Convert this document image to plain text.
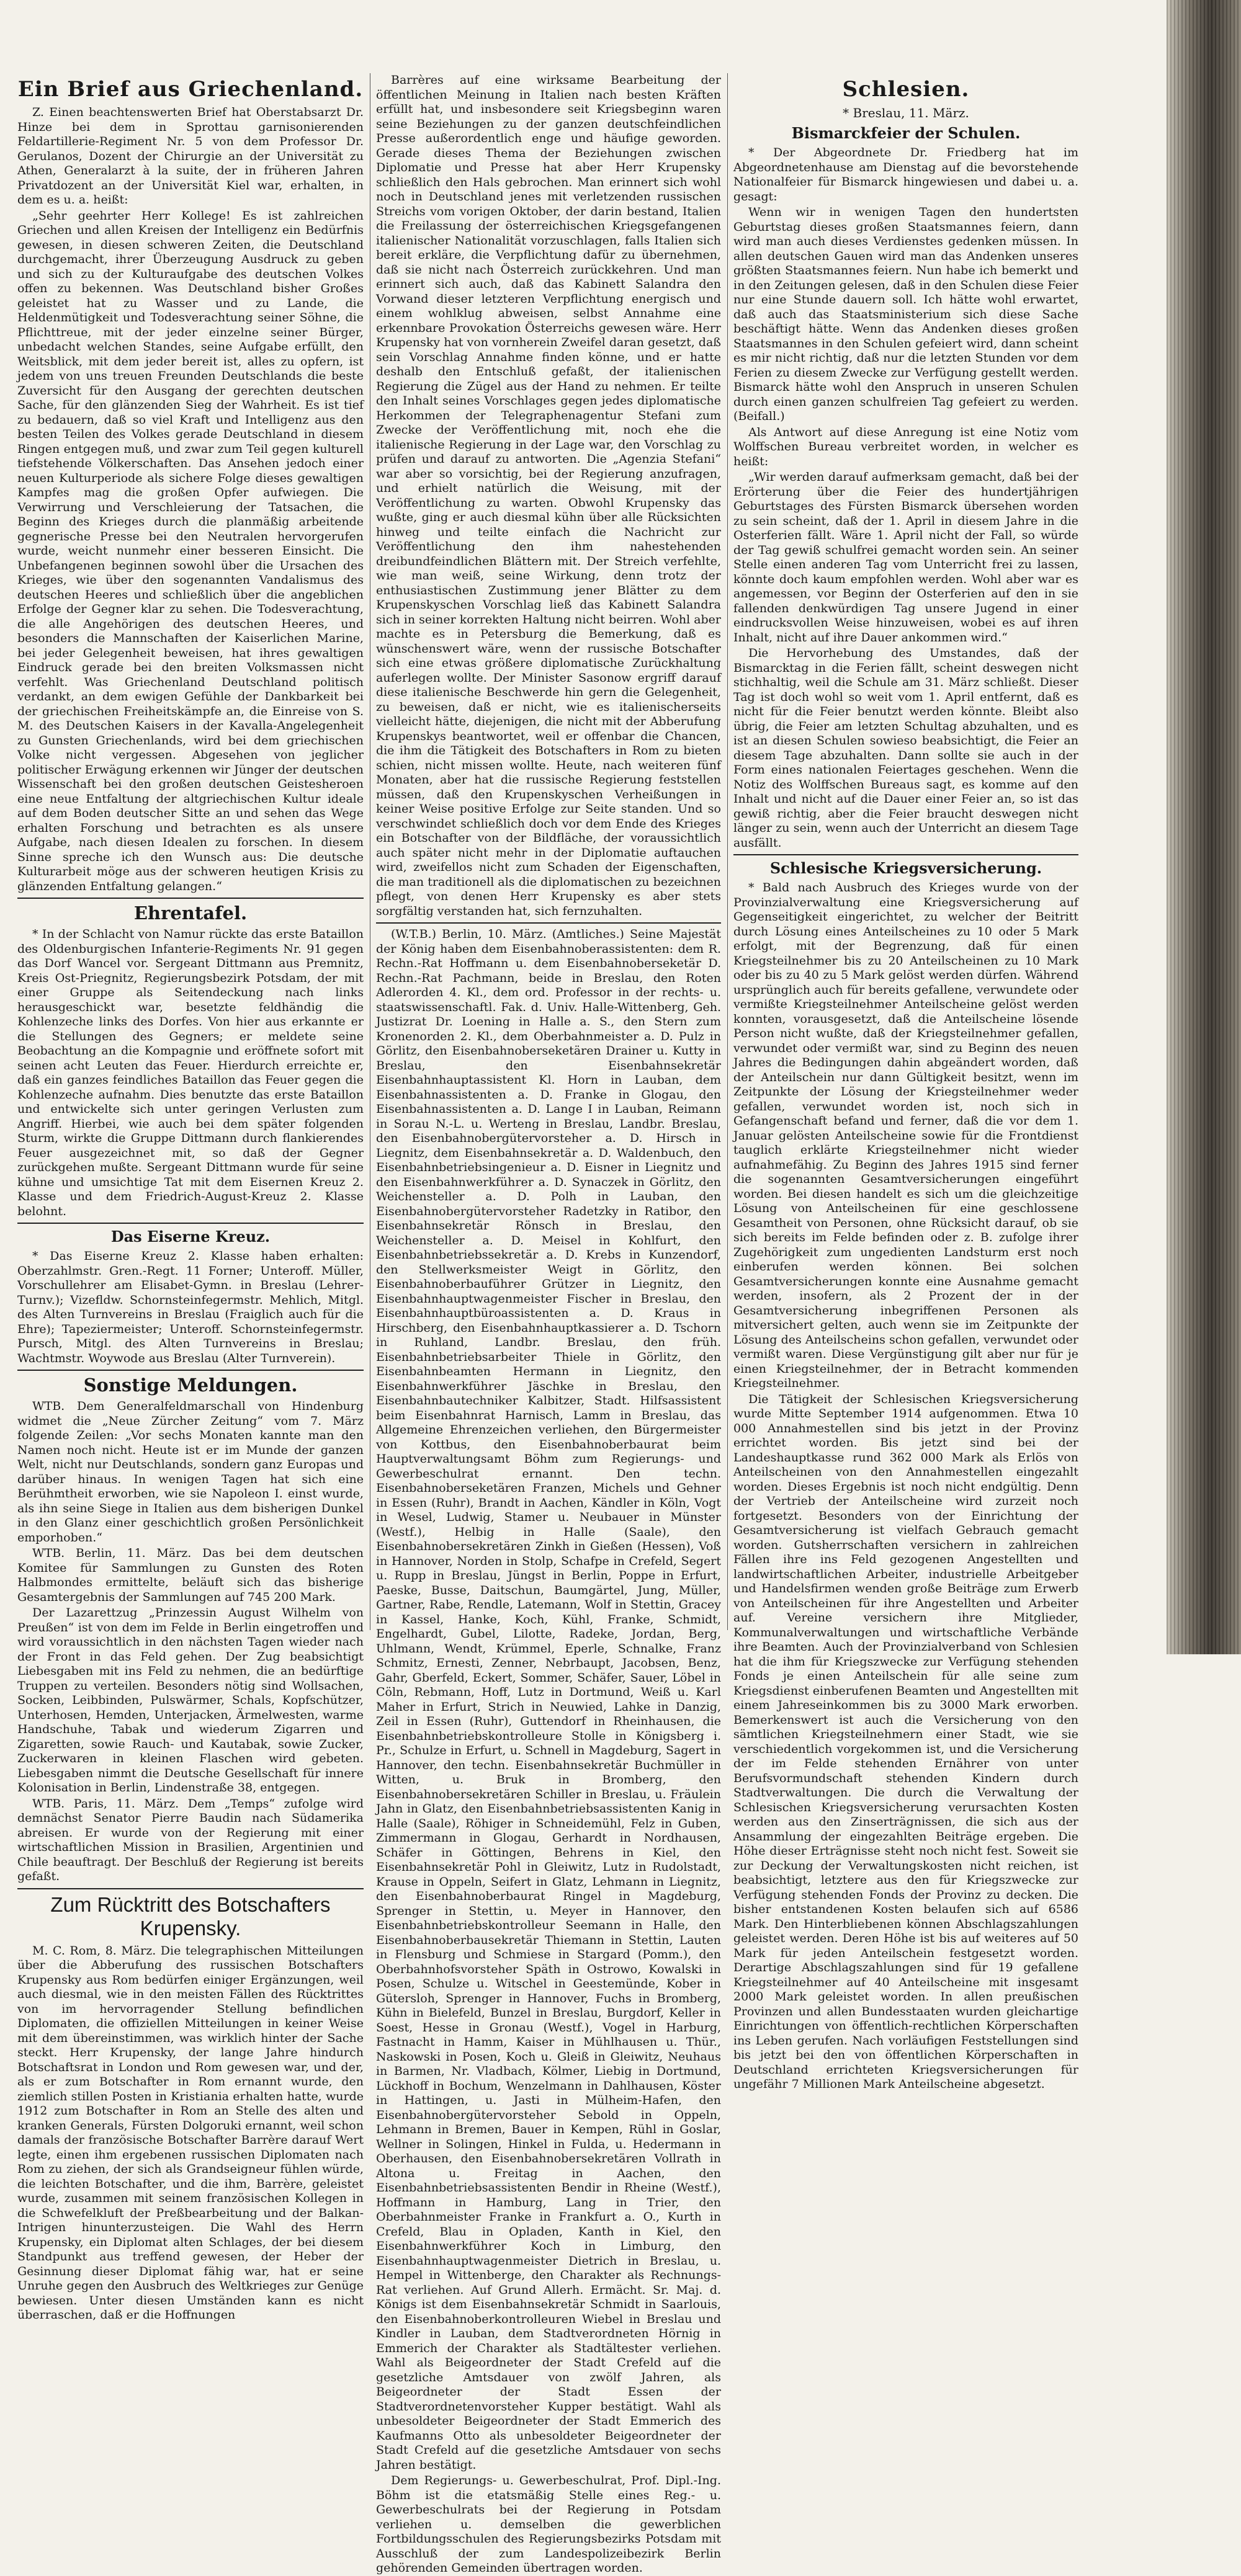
Ein Brief aus Griechenland.

Z. Einen beachtenswerten Brief hat Oberstabsarzt Dr. Hinze bei dem in Sprottau garnisonierenden Feldartillerie-Regiment Nr. 5 von dem Professor Dr. Gerulanos, Dozent der Chirurgie an der Universität zu Athen, Generalarzt à la suite, der in früheren Jahren Privatdozent an der Universität Kiel war, erhalten, in dem es u. a. heißt:

„Sehr geehrter Herr Kollege! Es ist zahlreichen Griechen und allen Kreisen der Intelligenz ein Bedürfnis gewesen, in diesen schweren Zeiten, die Deutschland durchgemacht, ihrer Überzeugung Ausdruck zu geben und sich zu der Kulturaufgabe des deutschen Volkes offen zu bekennen. Was Deutschland bisher Großes geleistet hat zu Wasser und zu Lande, die Heldenmütigkeit und Todesverachtung seiner Söhne, die Pflichttreue, mit der jeder einzelne seiner Bürger, unbedacht welchen Standes, seine Aufgabe erfüllt, den Weitsblick, mit dem jeder bereit ist, alles zu opfern, ist jedem von uns treuen Freunden Deutschlands die beste Zuversicht für den Ausgang der gerechten deutschen Sache, für den glänzenden Sieg der Wahrheit. Es ist tief zu bedauern, daß so viel Kraft und Intelligenz aus den besten Teilen des Volkes gerade Deutschland in diesem Ringen entgegen muß, und zwar zum Teil gegen kulturell tiefstehende Völkerschaften. Das Ansehen jedoch einer neuen Kulturperiode als sichere Folge dieses gewaltigen Kampfes mag die großen Opfer aufwiegen. Die Verwirrung und Verschleierung der Tatsachen, die Beginn des Krieges durch die planmäßig arbeitende gegnerische Presse bei den Neutralen hervorgerufen wurde, weicht nunmehr einer besseren Einsicht. Die Unbefangenen beginnen sowohl über die Ursachen des Krieges, wie über den sogenannten Vandalismus des deutschen Heeres und schließlich über die angeblichen Erfolge der Gegner klar zu sehen. Die Todesverachtung, die alle Angehörigen des deutschen Heeres, und besonders die Mannschaften der Kaiserlichen Marine, bei jeder Gelegenheit beweisen, hat ihres gewaltigen Eindruck gerade bei den breiten Volksmassen nicht verfehlt. Was Griechenland Deutschland politisch verdankt, an dem ewigen Gefühle der Dankbarkeit bei der griechischen Freiheitskämpfe an, die Einreise von S. M. des Deutschen Kaisers in der Kavalla-Angelegenheit zu Gunsten Griechenlands, wird bei dem griechischen Volke nicht vergessen. Abgesehen von jeglicher politischer Erwägung erkennen wir Jünger der deutschen Wissenschaft bei den großen deutschen Geistesheroen eine neue Entfaltung der altgriechischen Kultur ideale auf dem Boden deutscher Sitte an und sehen das Wege erhalten Forschung und betrachten es als unsere Aufgabe, nach diesen Idealen zu forschen. In diesem Sinne spreche ich den Wunsch aus: Die deutsche Kulturarbeit möge aus der schweren heutigen Krisis zu glänzenden Entfaltung gelangen.“

Ehrentafel.

* In der Schlacht von Namur rückte das erste Bataillon des Oldenburgischen Infanterie-Regiments Nr. 91 gegen das Dorf Wancel vor. Sergeant Dittmann aus Premnitz, Kreis Ost-Priegnitz, Regierungsbezirk Potsdam, der mit einer Gruppe als Seitendeckung nach links herausgeschickt war, besetzte feldhändig die Kohlenzeche links des Dorfes. Von hier aus erkannte er die Stellungen des Gegners; er meldete seine Beobachtung an die Kompagnie und eröffnete sofort mit seinen acht Leuten das Feuer. Hierdurch erreichte er, daß ein ganzes feindliches Bataillon das Feuer gegen die Kohlenzeche aufnahm. Dies benutzte das erste Bataillon und entwickelte sich unter geringen Verlusten zum Angriff. Hierbei, wie auch bei dem später folgenden Sturm, wirkte die Gruppe Dittmann durch flankierendes Feuer ausgezeichnet mit, so daß der Gegner zurückgehen mußte. Sergeant Dittmann wurde für seine kühne und umsichtige Tat mit dem Eisernen Kreuz 2. Klasse und dem Friedrich-August-Kreuz 2. Klasse belohnt.

Das Eiserne Kreuz.

* Das Eiserne Kreuz 2. Klasse haben erhalten: Oberzahlmstr. Gren.-Regt. 11 Forner; Unteroff. Müller, Vorschullehrer am Elisabet-Gymn. in Breslau (Lehrer-Turnv.); Vizefldw. Schornsteinfegermstr. Mehlich, Mitgl. des Alten Turnvereins in Breslau (Fraiglich auch für die Ehre); Tapeziermeister; Unteroff. Schornsteinfegermstr. Pursch, Mitgl. des Alten Turnvereins in Breslau; Wachtmstr. Woywode aus Breslau (Alter Turnverein).

Sonstige Meldungen.

WTB. Dem Generalfeldmarschall von Hindenburg widmet die „Neue Zürcher Zeitung“ vom 7. März folgende Zeilen: „Vor sechs Monaten kannte man den Namen noch nicht. Heute ist er im Munde der ganzen Welt, nicht nur Deutschlands, sondern ganz Europas und darüber hinaus. In wenigen Tagen hat sich eine Berühmtheit erworben, wie sie Napoleon I. einst wurde, als ihn seine Siege in Italien aus dem bisherigen Dunkel in den Glanz einer geschichtlich großen Persönlichkeit emporhoben.“

WTB. Berlin, 11. März. Das bei dem deutschen Komitee für Sammlungen zu Gunsten des Roten Halbmondes ermittelte, beläuft sich das bisherige Gesamtergebnis der Sammlungen auf 745 200 Mark.

Der Lazarettzug „Prinzessin August Wilhelm von Preußen“ ist von dem im Felde in Berlin eingetroffen und wird voraussichtlich in den nächsten Tagen wieder nach der Front in das Feld gehen. Der Zug beabsichtigt Liebesgaben mit ins Feld zu nehmen, die an bedürftige Truppen zu verteilen. Besonders nötig sind Wollsachen, Socken, Leibbinden, Pulswärmer, Schals, Kopfschützer, Unterhosen, Hemden, Unterjacken, Ärmelwesten, warme Handschuhe, Tabak und wiederum Zigarren und Zigaretten, sowie Rauch- und Kautabak, sowie Zucker, Zuckerwaren in kleinen Flaschen wird gebeten. Liebesgaben nimmt die Deutsche Gesellschaft für innere Kolonisation in Berlin, Lindenstraße 38, entgegen.

WTB. Paris, 11. März. Dem „Temps“ zufolge wird demnächst Senator Pierre Baudin nach Südamerika abreisen. Er wurde von der Regierung mit einer wirtschaftlichen Mission in Brasilien, Argentinien und Chile beauftragt. Der Beschluß der Regierung ist bereits gefaßt.

Zum Rücktritt des Botschafters Krupensky.

M. C. Rom, 8. März. Die telegraphischen Mitteilungen über die Abberufung des russischen Botschafters Krupensky aus Rom bedürfen einiger Ergänzungen, weil auch diesmal, wie in den meisten Fällen des Rücktrittes von im hervorragender Stellung befindlichen Diplomaten, die offiziellen Mitteilungen in keiner Weise mit dem übereinstimmen, was wirklich hinter der Sache steckt. Herr Krupensky, der lange Jahre hindurch Botschaftsrat in London und Rom gewesen war, und der, als er zum Botschafter in Rom ernannt wurde, den ziemlich stillen Posten in Kristiania erhalten hatte, wurde 1912 zum Botschafter in Rom an Stelle des alten und kranken Generals, Fürsten Dolgoruki ernannt, weil schon damals der französische Botschafter Barrère darauf Wert legte, einen ihm ergebenen russischen Diplomaten nach Rom zu ziehen, der sich als Grandseigneur fühlen würde, die leichten Botschafter, und die ihm, Barrère, geleistet wurde, zusammen mit seinem französischen Kollegen in die Schwefelkluft der Preßbearbeitung und der Balkan-Intrigen hinunterzusteigen. Die Wahl des Herrn Krupensky, ein Diplomat alten Schlages, der bei diesem Standpunkt aus treffend gewesen, der Heber der Gesinnung dieser Diplomat fähig war, hat er seine Unruhe gegen den Ausbruch des Weltkrieges zur Genüge bewiesen. Unter diesen Umständen kann es nicht überraschen, daß er die Hoffnungen

Barrères auf eine wirksame Bearbeitung der öffentlichen Meinung in Italien nach besten Kräften erfüllt hat, und insbesondere seit Kriegsbeginn waren seine Beziehungen zu der ganzen deutschfeindlichen Presse außerordentlich enge und häufige geworden. Gerade dieses Thema der Beziehungen zwischen Diplomatie und Presse hat aber Herr Krupensky schließlich den Hals gebrochen. Man erinnert sich wohl noch in Deutschland jenes mit verletzenden russischen Streichs vom vorigen Oktober, der darin bestand, Italien die Freilassung der österreichischen Kriegsgefangenen italienischer Nationalität vorzuschlagen, falls Italien sich bereit erkläre, die Verpflichtung dafür zu übernehmen, daß sie nicht nach Österreich zurückkehren. Und man erinnert sich auch, daß das Kabinett Salandra den Vorwand dieser letzteren Verpflichtung energisch und einem wohlklug abweisen, selbst Annahme eine erkennbare Provokation Österreichs gewesen wäre. Herr Krupensky hat von vornherein Zweifel daran gesetzt, daß sein Vorschlag Annahme finden könne, und er hatte deshalb den Entschluß gefaßt, der italienischen Regierung die Zügel aus der Hand zu nehmen. Er teilte den Inhalt seines Vorschlages gegen jedes diplomatische Herkommen der Telegraphenagentur Stefani zum Zwecke der Veröffentlichung mit, noch ehe die italienische Regierung in der Lage war, den Vorschlag zu prüfen und darauf zu antworten. Die „Agenzia Stefani“ war aber so vorsichtig, bei der Regierung anzufragen, und erhielt natürlich die Weisung, mit der Veröffentlichung zu warten. Obwohl Krupensky das wußte, ging er auch diesmal kühn über alle Rücksichten hinweg und teilte einfach die Nachricht zur Veröffentlichung den ihm nahestehenden dreibundfeindlichen Blättern mit. Der Streich verfehlte, wie man weiß, seine Wirkung, denn trotz der enthusiastischen Zustimmung jener Blätter zu dem Krupenskyschen Vorschlag ließ das Kabinett Salandra sich in seiner korrekten Haltung nicht beirren. Wohl aber machte es in Petersburg die Bemerkung, daß es wünschenswert wäre, wenn der russische Botschafter sich eine etwas größere diplomatische Zurückhaltung auferlegen wollte. Der Minister Sasonow ergriff darauf diese italienische Beschwerde hin gern die Gelegenheit, zu beweisen, daß er nicht, wie es italienischerseits vielleicht hätte, diejenigen, die nicht mit der Abberufung Krupenskys beantwortet, weil er offenbar die Chancen, die ihm die Tätigkeit des Botschafters in Rom zu bieten schien, nicht missen wollte. Heute, nach weiteren fünf Monaten, aber hat die russische Regierung feststellen müssen, daß den Krupenskyschen Verheißungen in keiner Weise positive Erfolge zur Seite standen. Und so verschwindet schließlich doch vor dem Ende des Krieges ein Botschafter von der Bildfläche, der voraussichtlich auch später nicht mehr in der Diplomatie auftauchen wird, zweifellos nicht zum Schaden der Eigenschaften, die man traditionell als die diplomatischen zu bezeichnen pflegt, von denen Herr Krupensky es aber stets sorgfältig verstanden hat, sich fernzuhalten.

(W.T.B.) Berlin, 10. März. (Amtliches.) Seine Majestät der König haben dem Eisenbahnoberassistenten: dem R. Rechn.-Rat Hoffmann u. dem Eisenbahnoberseketär D. Rechn.-Rat Pachmann, beide in Breslau, den Roten Adlerorden 4. Kl., dem ord. Professor in der rechts- u. staatswissenschaftl. Fak. d. Univ. Halle-Wittenberg, Geh. Justizrat Dr. Loening in Halle a. S., den Stern zum Kronenorden 2. Kl., dem Oberbahnmeister a. D. Pulz in Görlitz, den Eisenbahnoberseketären Drainer u. Kutty in Breslau, den Eisenbahnsekretär Eisenbahnhauptassistent Kl. Horn in Lauban, dem Eisenbahnassistenten a. D. Franke in Glogau, den Eisenbahnassistenten a. D. Lange I in Lauban, Reimann in Sorau N.-L. u. Werteng in Breslau, Landbr. Breslau, den Eisenbahnobergütervorsteher a. D. Hirsch in Liegnitz, dem Eisenbahnsekretär a. D. Waldenbuch, den Eisenbahnbetriebsingenieur a. D. Eisner in Liegnitz und den Eisenbahnwerkführer a. D. Synaczek in Görlitz, den Weichensteller a. D. Polh in Lauban, den Eisenbahnobergütervorsteher Radetzky in Ratibor, den Eisenbahnsekretär Rönsch in Breslau, den Weichensteller a. D. Meisel in Kohlfurt, den Eisenbahnbetriebssekretär a. D. Krebs in Kunzendorf, den Stellwerksmeister Weigt in Görlitz, den Eisenbahnoberbauführer Grützer in Liegnitz, den Eisenbahnhauptwagenmeister Fischer in Breslau, den Eisenbahnhauptbüroassistenten a. D. Kraus in Hirschberg, den Eisenbahnhauptkassierer a. D. Tschorn in Ruhland, Landbr. Breslau, den früh. Eisenbahnbetriebsarbeiter Thiele in Görlitz, den Eisenbahnbeamten Hermann in Liegnitz, den Eisenbahnwerkführer Jäschke in Breslau, den Eisenbahnbautechniker Kalbitzer, Stadt. Hilfsassistent beim Eisenbahnrat Harnisch, Lamm in Breslau, das Allgemeine Ehrenzeichen verliehen, den Bürgermeister von Kottbus, den Eisenbahnoberbaurat beim Hauptverwaltungsamt Böhm zum Regierungs- und Gewerbeschulrat ernannt. Den techn. Eisenbahnoberseketären Franzen, Michels und Gehner in Essen (Ruhr), Brandt in Aachen, Kändler in Köln, Vogt in Wesel, Ludwig, Stamer u. Neubauer in Münster (Westf.), Helbig in Halle (Saale), den Eisenbahnobersekretären Zinkh in Gießen (Hessen), Voß in Hannover, Norden in Stolp, Schafpe in Crefeld, Segert u. Rupp in Breslau, Jüngst in Berlin, Poppe in Erfurt, Paeske, Busse, Daitschun, Baumgärtel, Jung, Müller, Gartner, Rabe, Rendle, Latemann, Wolf in Stettin, Gracey in Kassel, Hanke, Koch, Kühl, Franke, Schmidt, Engelhardt, Gubel, Lilotte, Radeke, Jordan, Berg, Uhlmann, Wendt, Krümmel, Eperle, Schnalke, Franz Schmitz, Ernesti, Zenner, Nebrbaupt, Jacobsen, Benz, Gahr, Gberfeld, Eckert, Sommer, Schäfer, Sauer, Löbel in Cöln, Rebmann, Hoff, Lutz in Dortmund, Weiß u. Karl Maher in Erfurt, Strich in Neuwied, Lahke in Danzig, Zeil in Essen (Ruhr), Guttendorf in Rheinhausen, die Eisenbahnbetriebskontrolleure Stolle in Königsberg i. Pr., Schulze in Erfurt, u. Schnell in Magdeburg, Sagert in Hannover, den techn. Eisenbahnsekretär Buchmüller in Witten, u. Bruk in Bromberg, den Eisenbahnobersekretären Schiller in Breslau, u. Fräulein Jahn in Glatz, den Eisenbahnbetriebsassistenten Kanig in Halle (Saale), Röhiger in Schneidemühl, Felz in Guben, Zimmermann in Glogau, Gerhardt in Nordhausen, Schäfer in Göttingen, Behrens in Kiel, den Eisenbahnsekretär Pohl in Gleiwitz, Lutz in Rudolstadt, Krause in Oppeln, Seifert in Glatz, Lehmann in Liegnitz, den Eisenbahnoberbaurat Ringel in Magdeburg, Sprenger in Stettin, u. Meyer in Hannover, den Eisenbahnbetriebskontrolleur Seemann in Halle, den Eisenbahnoberbausekretär Thiemann in Stettin, Lauten in Flensburg und Schmiese in Stargard (Pomm.), den Oberbahnhofsvorsteher Späth in Ostrowo, Kowalski in Posen, Schulze u. Witschel in Geestemünde, Kober in Gütersloh, Sprenger in Hannover, Fuchs in Bromberg, Kühn in Bielefeld, Bunzel in Breslau, Burgdorf, Keller in Soest, Hesse in Gronau (Westf.), Vogel in Harburg, Fastnacht in Hamm, Kaiser in Mühlhausen u. Thür., Naskowski in Posen, Koch u. Gleiß in Gleiwitz, Neuhaus in Barmen, Nr. Vladbach, Kölmer, Liebig in Dortmund, Lückhoff in Bochum, Wenzelmann in Dahlhausen, Köster in Hattingen, u. Jasti in Mülheim-Hafen, den Eisenbahnobergütervorsteher Sebold in Oppeln, Lehmann in Bremen, Bauer in Kempen, Rühl in Goslar, Wellner in Solingen, Hinkel in Fulda, u. Hedermann in Oberhausen, den Eisenbahnobersekretären Vollrath in Altona u. Freitag in Aachen, den Eisenbahnbetriebsassistenten Bendir in Rheine (Westf.), Hoffmann in Hamburg, Lang in Trier, den Oberbahnmeister Franke in Frankfurt a. O., Kurth in Crefeld, Blau in Opladen, Kanth in Kiel, den Eisenbahnwerkführer Koch in Limburg, den Eisenbahnhauptwagenmeister Dietrich in Breslau, u. Hempel in Wittenberge, den Charakter als Rechnungs-Rat verliehen. Auf Grund Allerh. Ermächt. Sr. Maj. d. Königs ist dem Eisenbahnsekretär Schmidt in Saarlouis, den Eisenbahnoberkontrolleuren Wiebel in Breslau und Kindler in Lauban, dem Stadtverordneten Hörnig in Emmerich der Charakter als Stadtältester verliehen. Wahl als Beigeordneter der Stadt Crefeld auf die gesetzliche Amtsdauer von zwölf Jahren, als Beigeordneter der Stadt Essen der Stadtverordnetenvorsteher Kupper bestätigt. Wahl als unbesoldeter Beigeordneter der Stadt Emmerich des Kaufmanns Otto als unbesoldeter Beigeordneter der Stadt Crefeld auf die gesetzliche Amtsdauer von sechs Jahren bestätigt.

Dem Regierungs- u. Gewerbeschulrat, Prof. Dipl.-Ing. Böhm ist die etatsmäßig Stelle eines Reg.- u. Gewerbeschulrats bei der Regierung in Potsdam verliehen u. demselben die gewerblichen Fortbildungsschulen des Regierungsbezirks Potsdam mit Ausschluß der zum Landespolizeibezirk Berlin gehörenden Gemeinden übertragen worden.

Schlesien.
* Breslau, 11. März.
Bismarckfeier der Schulen.

* Der Abgeordnete Dr. Friedberg hat im Abgeordnetenhause am Dienstag auf die bevorstehende Nationalfeier für Bismarck hingewiesen und dabei u. a. gesagt:

Wenn wir in wenigen Tagen den hundertsten Geburtstag dieses großen Staatsmannes feiern, dann wird man auch dieses Verdienstes gedenken müssen. In allen deutschen Gauen wird man das Andenken unseres größten Staatsmannes feiern. Nun habe ich bemerkt und in den Zeitungen gelesen, daß in den Schulen diese Feier nur eine Stunde dauern soll. Ich hätte wohl erwartet, daß auch das Staatsministerium sich diese Sache beschäftigt hätte. Wenn das Andenken dieses großen Staatsmannes in den Schulen gefeiert wird, dann scheint es mir nicht richtig, daß nur die letzten Stunden vor dem Ferien zu diesem Zwecke zur Verfügung gestellt werden. Bismarck hätte wohl den Anspruch in unseren Schulen durch einen ganzen schulfreien Tag gefeiert zu werden. (Beifall.)

Als Antwort auf diese Anregung ist eine Notiz vom Wolffschen Bureau verbreitet worden, in welcher es heißt:

„Wir werden darauf aufmerksam gemacht, daß bei der Erörterung über die Feier des hundertjährigen Geburtstages des Fürsten Bismarck übersehen worden zu sein scheint, daß der 1. April in diesem Jahre in die Osterferien fällt. Wäre 1. April nicht der Fall, so würde der Tag gewiß schulfrei gemacht worden sein. An seiner Stelle einen anderen Tag vom Unterricht frei zu lassen, könnte doch kaum empfohlen werden. Wohl aber war es angemessen, vor Beginn der Osterferien auf den in sie fallenden denkwürdigen Tag unsere Jugend in einer eindrucksvollen Weise hinzuweisen, wobei es auf ihren Inhalt, nicht auf ihre Dauer ankommen wird.“

Die Hervorhebung des Umstandes, daß der Bismarcktag in die Ferien fällt, scheint deswegen nicht stichhaltig, weil die Schule am 31. März schließt. Dieser Tag ist doch wohl so weit vom 1. April entfernt, daß es nicht für die Feier benutzt werden könnte. Bleibt also übrig, die Feier am letzten Schultag abzuhalten, und es ist an diesen Schulen sowieso beabsichtigt, die Feier an diesem Tage abzuhalten. Dann sollte sie auch in der Form eines nationalen Feiertages geschehen. Wenn die Notiz des Wolffschen Bureaus sagt, es komme auf den Inhalt und nicht auf die Dauer einer Feier an, so ist das gewiß richtig, aber die Feier braucht deswegen nicht länger zu sein, wenn auch der Unterricht an diesem Tage ausfällt.

Schlesische Kriegsversicherung.

* Bald nach Ausbruch des Krieges wurde von der Provinzialverwaltung eine Kriegsversicherung auf Gegenseitigkeit eingerichtet, zu welcher der Beitritt durch Lösung eines Anteilscheines zu 10 oder 5 Mark erfolgt, mit der Begrenzung, daß für einen Kriegsteilnehmer bis zu 20 Anteilscheinen zu 10 Mark oder bis zu 40 zu 5 Mark gelöst werden dürfen. Während ursprünglich auch für bereits gefallene, verwundete oder vermißte Kriegsteilnehmer Anteilscheine gelöst werden konnten, vorausgesetzt, daß die Anteilscheine lösende Person nicht wußte, daß der Kriegsteilnehmer gefallen, verwundet oder vermißt war, sind zu Beginn des neuen Jahres die Bedingungen dahin abgeändert worden, daß der Anteilschein nur dann Gültigkeit besitzt, wenn im Zeitpunkte der Lösung der Kriegsteilnehmer weder gefallen, verwundet worden ist, noch sich in Gefangenschaft befand und ferner, daß die vor dem 1. Januar gelösten Anteilscheine sowie für die Frontdienst tauglich erklärte Kriegsteilnehmer nicht wieder aufnahmefähig. Zu Beginn des Jahres 1915 sind ferner die sogenannten Gesamtversicherungen eingeführt worden. Bei diesen handelt es sich um die gleichzeitige Lösung von Anteilscheinen für eine geschlossene Gesamtheit von Personen, ohne Rücksicht darauf, ob sie sich bereits im Felde befinden oder z. B. zufolge ihrer Zugehörigkeit zum ungedienten Landsturm erst noch einberufen werden können. Bei solchen Gesamtversicherungen konnte eine Ausnahme gemacht werden, insofern, als 2 Prozent der in der Gesamtversicherung inbegriffenen Personen als mitversichert gelten, auch wenn sie im Zeitpunkte der Lösung des Anteilscheins schon gefallen, verwundet oder vermißt waren. Diese Vergünstigung gilt aber nur für je einen Kriegsteilnehmer, der in Betracht kommenden Kriegsteilnehmer.

Die Tätigkeit der Schlesischen Kriegsversicherung wurde Mitte September 1914 aufgenommen. Etwa 10 000 Annahmestellen sind bis jetzt in der Provinz errichtet worden. Bis jetzt sind bei der Landeshauptkasse rund 362 000 Mark als Erlös von Anteilscheinen von den Annahmestellen eingezahlt worden. Dieses Ergebnis ist noch nicht endgültig. Denn der Vertrieb der Anteilscheine wird zurzeit noch fortgesetzt. Besonders von der Einrichtung der Gesamtversicherung ist vielfach Gebrauch gemacht worden. Gutsherrschaften versichern in zahlreichen Fällen ihre ins Feld gezogenen Angestellten und landwirtschaftlichen Arbeiter, industrielle Arbeitgeber und Handelsfirmen wenden große Beiträge zum Erwerb von Anteilscheinen für ihre Angestellten und Arbeiter auf. Vereine versichern ihre Mitglieder, Kommunalverwaltungen und wirtschaftliche Verbände ihre Beamten. Auch der Provinzialverband von Schlesien hat die ihm für Kriegszwecke zur Verfügung stehenden Fonds je einen Anteilschein für alle seine zum Kriegsdienst einberufenen Beamten und Angestellten mit einem Jahreseinkommen bis zu 3000 Mark erworben. Bemerkenswert ist auch die Versicherung von den sämtlichen Kriegsteilnehmern einer Stadt, wie sie verschiedentlich vorgekommen ist, und die Versicherung der im Felde stehenden Ernährer von unter Berufsvormundschaft stehenden Kindern durch Stadtverwaltungen. Die durch die Verwaltung der Schlesischen Kriegsversicherung verursachten Kosten werden aus den Zinserträgnissen, die sich aus der Ansammlung der eingezahlten Beiträge ergeben. Die Höhe dieser Erträgnisse steht noch nicht fest. Soweit sie zur Deckung der Verwaltungskosten nicht reichen, ist beabsichtigt, letztere aus den für Kriegszwecke zur Verfügung stehenden Fonds der Provinz zu decken. Die bisher entstandenen Kosten belaufen sich auf 6586 Mark. Den Hinterbliebenen können Abschlagszahlungen geleistet werden. Deren Höhe ist bis auf weiteres auf 50 Mark für jeden Anteilschein festgesetzt worden. Derartige Abschlagszahlungen sind für 19 gefallene Kriegsteilnehmer auf 40 Anteilscheine mit insgesamt 2000 Mark geleistet worden. In allen preußischen Provinzen und allen Bundesstaaten wurden gleichartige Einrichtungen von öffentlich-rechtlichen Körperschaften ins Leben gerufen. Nach vorläufigen Feststellungen sind bis jetzt bei den von öffentlichen Körperschaften in Deutschland errichteten Kriegsversicherungen für ungefähr 7 Millionen Mark Anteilscheine abgesetzt.
